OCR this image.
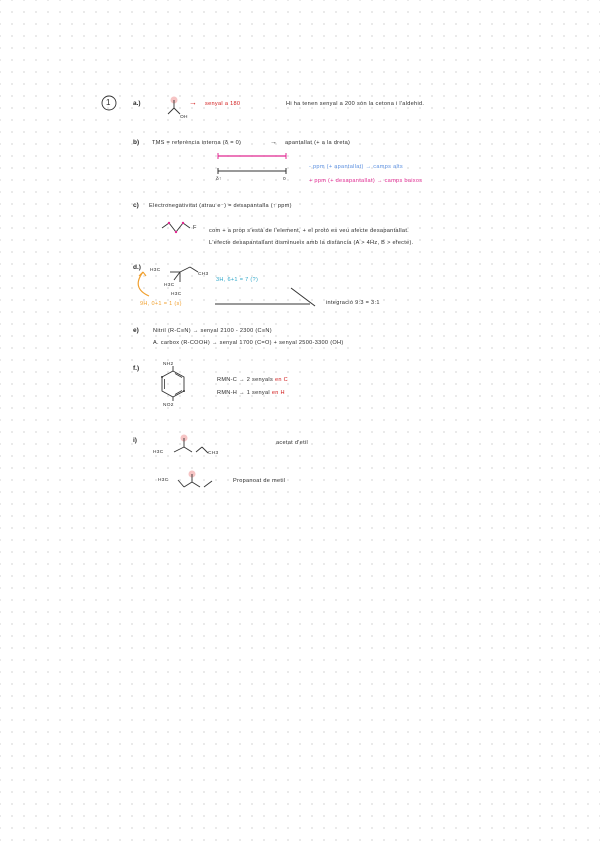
1	a.)
OH
→ senyal a 180	Hi ha tenen senyal a 200 són la cetona i l'aldehid.
b) TMS = referència interna (δ = 0)	→ apantallat (+ a la dreta)
δ↑	0
- ppm (+ apantallat) → camps alts
+ ppm (+ desapantallat) → camps baixos
c) Electronegativitat (atrau e⁻) = desapantalla (↑ ppm)
F com + a prop s'està de l'element, + el protó es veu afecte desapantallat.
L'efecte desapantallant disminueix amb la distància (A > 4Hz, B > efecte).
d.) H3C
CH3
H3C
H3C
3H, 6+1 = 7 (?)
9H, 0+1 = 1 (s)	integració 9:3 = 3:1
e)	Nitril (R-C≡N) → senyal 2100 - 2300 (C≡N)
A. carbox (R-COOH) → senyal 1700 (C=O) + senyal 2500-3300 (OH)
f.)
NH2
NO2
RMN-C → 2 senyals en C
RMN-H → 1 senyal en H
i)
H3C	CH3
acetat d'etil
H3C	Propanoat de metil
